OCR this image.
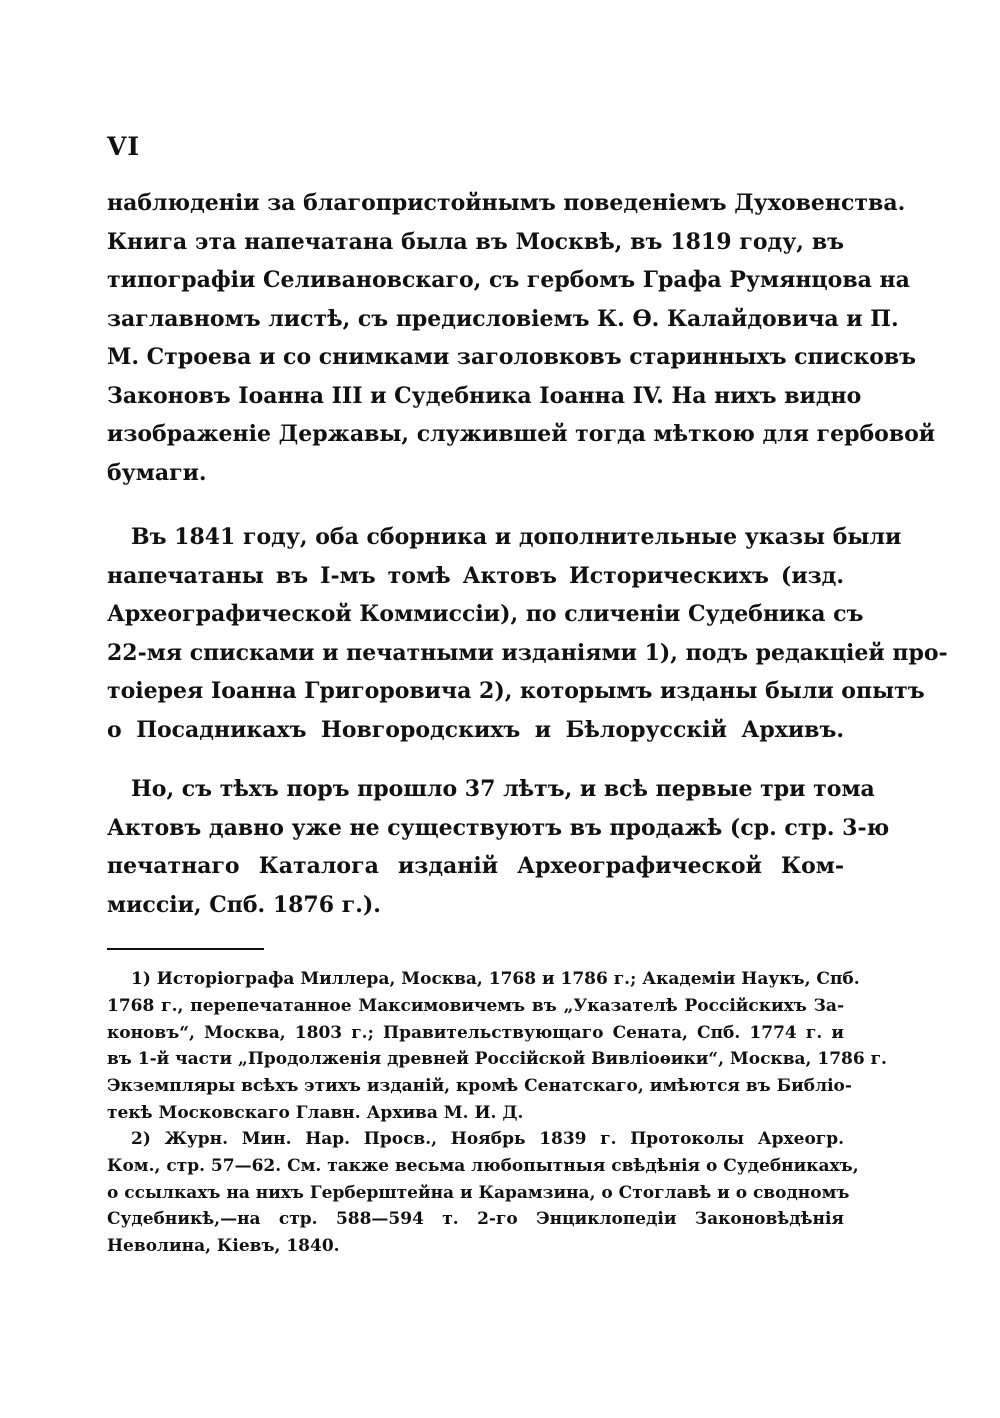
VI
наблюденіи за благопристойнымъ поведеніемъ Духовенства.
Книга эта напечатана была въ Москвѣ, въ 1819 году, въ
типографіи Селивановскаго, съ гербомъ Графа Румянцова на
заглавномъ листѣ, съ предисловіемъ К. Ѳ. Калайдовича и П.
М. Строева и со снимками заголовковъ старинныхъ списковъ
Законовъ Іоанна III и Судебника Іоанна IV. На нихъ видно
изображеніе Державы, служившей тогда мѣткою для гербовой
бумаги.
Въ 1841 году, оба сборника и дополнительные указы были
напечатаны въ І-мъ томѣ Актовъ Историческихъ (изд.
Археографической Коммиссіи), по сличеніи Судебника съ
22-мя списками и печатными изданіями 1), подъ редакціей про-
тоіерея Іоанна Григоровича 2), которымъ изданы были опытъ
о Посадникахъ Новгородскихъ и Бѣлорусскій Архивъ.
Но, съ тѣхъ поръ прошло 37 лѣтъ, и всѣ первые три тома
Актовъ давно уже не существуютъ въ продажѣ (ср. стр. 3-ю
печатнаго Каталога изданій Археографической Ком-
миссіи, Спб. 1876 г.).
1) Исторіографа Миллера, Москва, 1768 и 1786 г.; Академіи Наукъ, Спб.
1768 г., перепечатанное Максимовичемъ въ „Указателѣ Россійскихъ За-
коновъ“, Москва, 1803 г.; Правительствующаго Сената, Спб. 1774 г. и
въ 1-й части „Продолженія древней Россійской Вивліоѳики“, Москва, 1786 г.
Экземпляры всѣхъ этихъ изданій, кромѣ Сенатскаго, имѣются въ Библіо-
текѣ Московскаго Главн. Архива М. И. Д.
2) Журн. Мин. Нар. Просв., Ноябрь 1839 г. Протоколы Археогр.
Ком., стр. 57—62. См. также весьма любопытныя свѣдѣнія о Судебникахъ,
о ссылкахъ на нихъ Герберштейна и Карамзина, о Стоглавѣ и о сводномъ
Судебникѣ,—на стр. 588—594 т. 2-го Энциклопедіи Законовѣдѣнія
Неволина, Кіевъ, 1840.
